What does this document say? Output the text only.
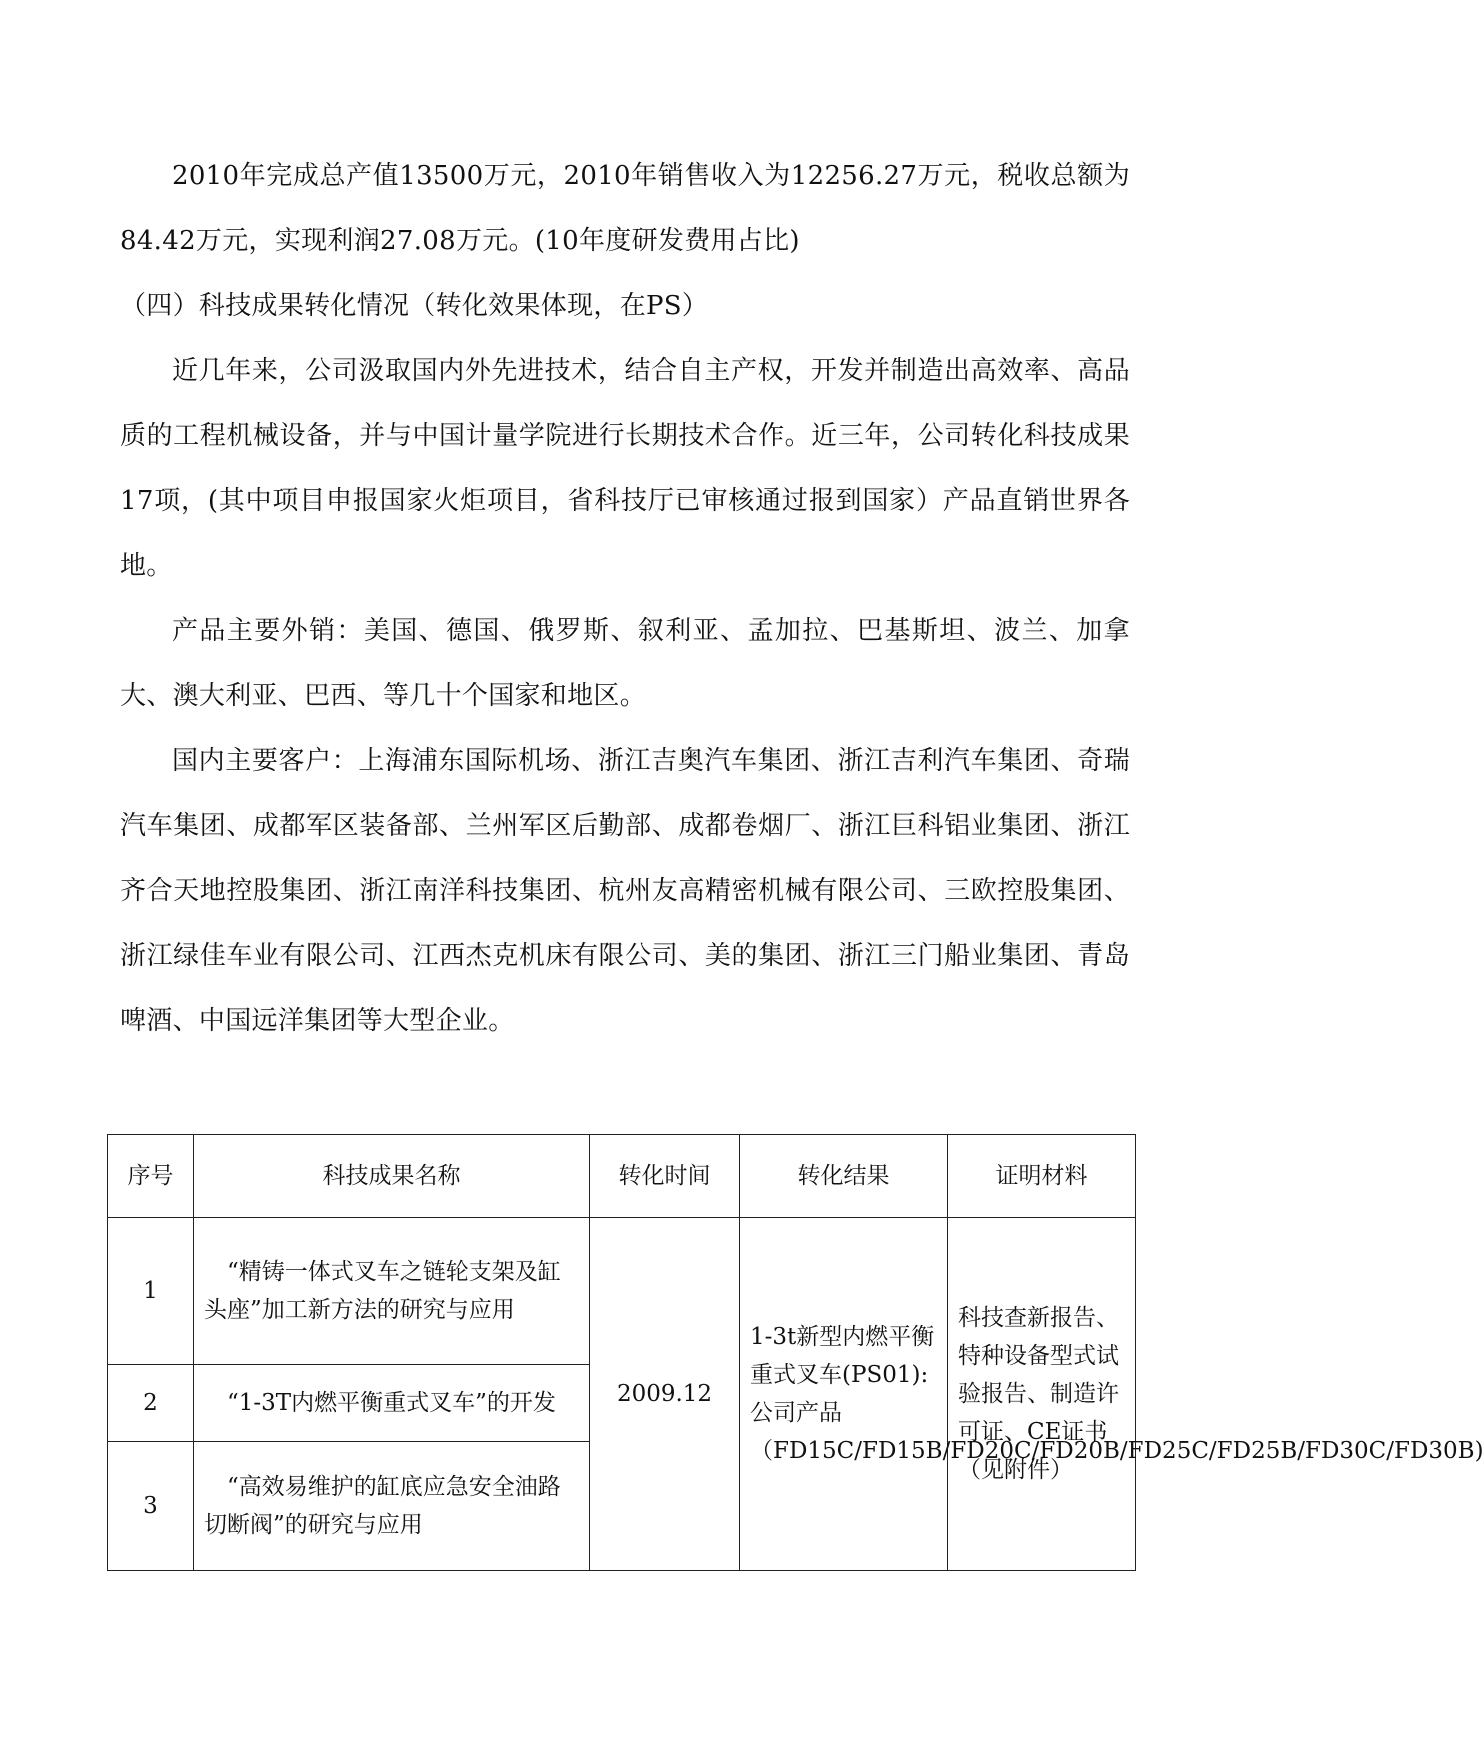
2010年完成总产值13500万元，2010年销售收入为12256.27万元，税收总额为84.42万元，实现利润27.08万元。(10年度研发费用占比)

（四）科技成果转化情况（转化效果体现，在PS）

近几年来，公司汲取国内外先进技术，结合自主产权，开发并制造出高效率、高品质的工程机械设备，并与中国计量学院进行长期技术合作。近三年，公司转化科技成果17项，(其中项目申报国家火炬项目，省科技厅已审核通过报到国家）产品直销世界各地。

产品主要外销：美国、德国、俄罗斯、叙利亚、孟加拉、巴基斯坦、波兰、加拿大、澳大利亚、巴西、等几十个国家和地区。

国内主要客户：上海浦东国际机场、浙江吉奥汽车集团、浙江吉利汽车集团、奇瑞汽车集团、成都军区装备部、兰州军区后勤部、成都卷烟厂、浙江巨科铝业集团、浙江齐合天地控股集团、浙江南洋科技集团、杭州友高精密机械有限公司、三欧控股集团、浙江绿佳车业有限公司、江西杰克机床有限公司、美的集团、浙江三门船业集团、青岛啤酒、中国远洋集团等大型企业。

序号	科技成果名称	转化时间	转化结果	证明材料
1	“精铸一体式叉车之链轮支架及缸头座”加工新方法的研究与应用	2009.12	1-3t新型内燃平衡重式叉车(PS01):公司产品（FD15C/FD15B/FD20C/FD20B/FD25C/FD25B/FD30C/FD30B)	科技查新报告、特种设备型式试验报告、制造许可证、CE证书（见附件）
2	“1-3T内燃平衡重式叉车”的开发			

3	“高效易维护的缸底应急安全油路切断阀”的研究与应用			
